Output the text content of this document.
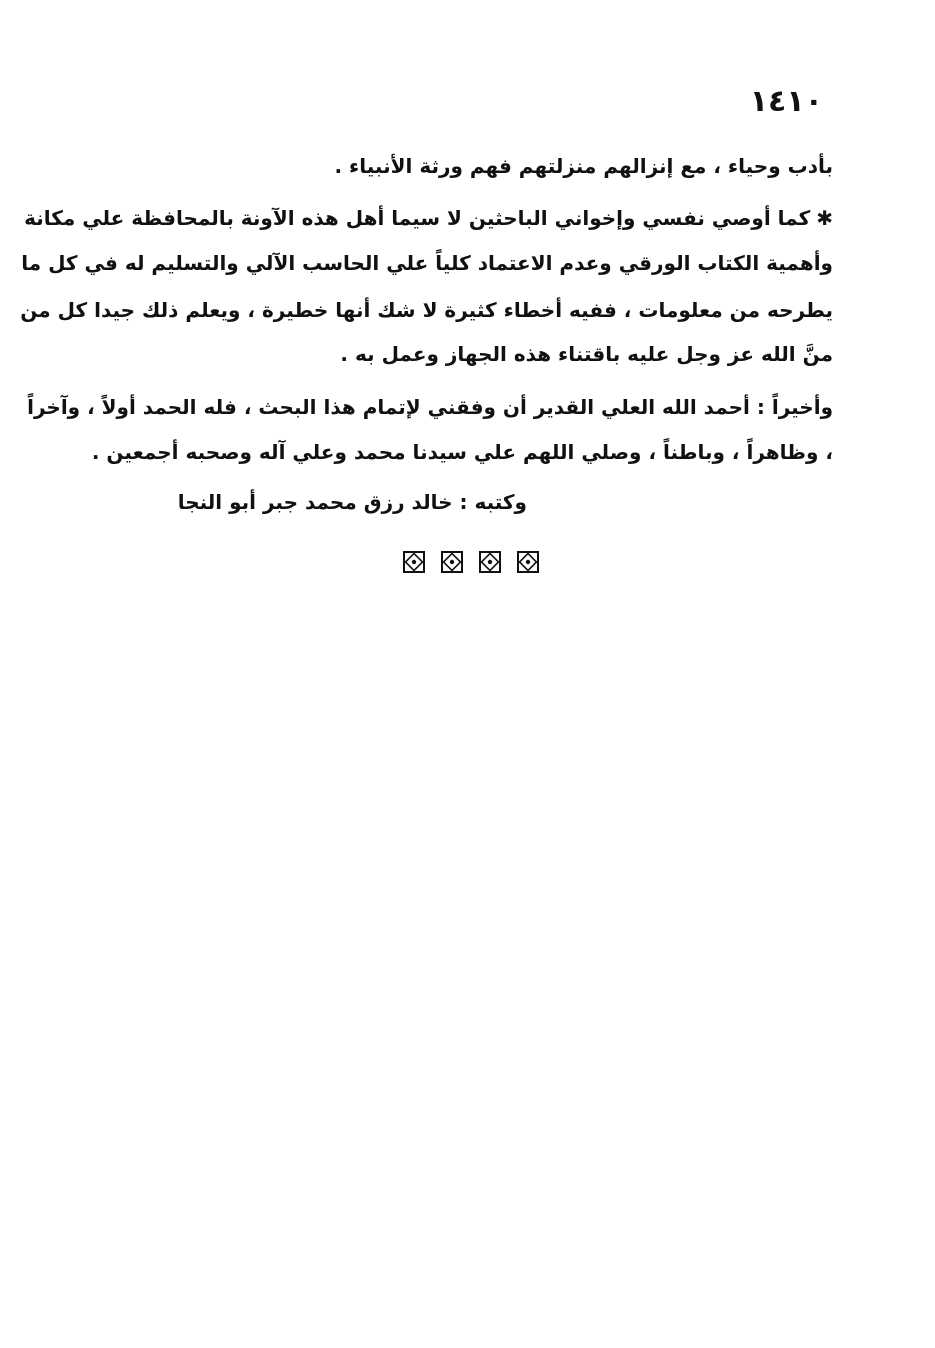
١٤١٠
بأدب وحياء ، مع إنزالهم منزلتهم فهم ورثة الأنبياء .
✱كما أوصي نفسي وإخواني الباحثين لا سيما أهل هذه الآونة بالمحافظة علي مكانة
وأهمية الكتاب الورقي وعدم الاعتماد كلياً علي الحاسب الآلي والتسليم له في كل ما
يطرحه من معلومات ، ففيه أخطاء كثيرة لا شك أنها خطيرة ، ويعلم ذلك جيدا كل من
منَّ الله عز وجل عليه باقتناء هذه الجهاز وعمل به .
وأخيراً : أحمد الله العلي القدير أن وفقني لإتمام هذا البحث ، فله الحمد أولاً ، وآخراً
، وظاهراً ، وباطناً ، وصلي اللهم علي سيدنا محمد وعلي آله وصحبه أجمعين .
وكتبه : خالد رزق محمد جبر أبو النجا
